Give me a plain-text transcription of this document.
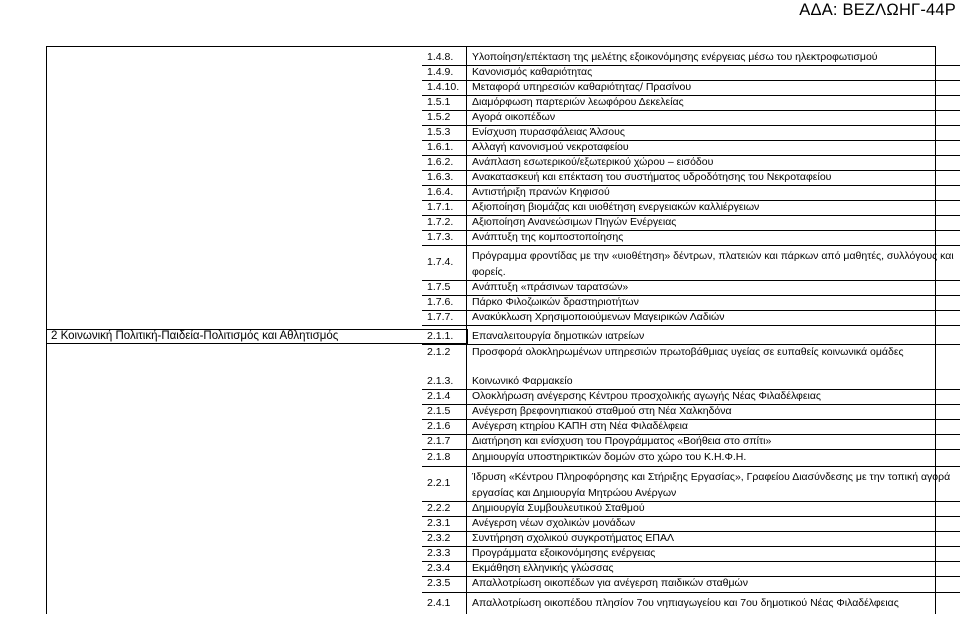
ΑΔΑ: ΒΕΖΛΩΗΓ-44Ρ
2 Κοινωνική Πολιτική-Παιδεία-Πολιτισμός και Αθλητισμός
1.4.8. Υλοποίηση/επέκταση της μελέτης εξοικονόμησης ενέργειας μέσω του ηλεκτροφωτισμού
1.4.9. Κανονισμός καθαριότητας
1.4.10. Μεταφορά υπηρεσιών καθαριότητας/ Πρασίνου
1.5.1 Διαμόρφωση παρτεριών λεωφόρου Δεκελείας
1.5.2 Αγορά οικοπέδων
1.5.3 Ενίσχυση πυρασφάλειας Άλσους
1.6.1. Αλλαγή κανονισμού νεκροταφείου
1.6.2. Ανάπλαση εσωτερικού/εξωτερικού χώρου – εισόδου
1.6.3. Ανακατασκευή και επέκταση του συστήματος υδροδότησης του Νεκροταφείου
1.6.4. Αντιστήριξη πρανών Κηφισού
1.7.1. Αξιοποίηση βιομάζας και υιοθέτηση ενεργειακών καλλιέργειων
1.7.2. Αξιοποίηση Ανανεώσιμων Πηγών Ενέργειας
1.7.3. Ανάπτυξη της κομποστοποίησης
1.7.4. Πρόγραμμα φροντίδας με την «υιοθέτηση» δέντρων, πλατειών και πάρκων από μαθητές, συλλόγους και φορείς.
1.7.5 Ανάπτυξη «πράσινων ταρατσών»
1.7.6. Πάρκο Φιλοζωικών δραστηριοτήτων
1.7.7. Ανακύκλωση Χρησιμοποιούμενων Μαγειρικών Λαδιών
2.1.1. Επαναλειτουργία δημοτικών ιατρείων
2.1.2 Προσφορά ολοκληρωμένων υπηρεσιών πρωτοβάθμιας υγείας σε ευπαθείς κοινωνικά ομάδες
2.1.3. Κοινωνικό Φαρμακείο
2.1.4 Ολοκλήρωση ανέγερσης Κέντρου προσχολικής αγωγής Νέας Φιλαδέλφειας
2.1.5 Ανέγερση βρεφονηπιακού σταθμού στη Νέα Χαλκηδόνα
2.1.6 Ανέγερση κτηρίου ΚΑΠΗ στη Νέα Φιλαδέλφεια
2.1.7 Διατήρηση και ενίσχυση του Προγράμματος «Βοήθεια στο σπίτι»
2.1.8 Δημιουργία υποστηρικτικών δομών στο χώρο του Κ.Η.Φ.Η.
2.2.1 Ίδρυση «Κέντρου Πληροφόρησης και Στήριξης Εργασίας», Γραφείου Διασύνδεσης με την τοπική αγορά εργασίας και Δημιουργία Μητρώου Ανέργων
2.2.2 Δημιουργία Συμβουλευτικού Σταθμού
2.3.1 Ανέγερση νέων σχολικών μονάδων
2.3.2 Συντήρηση σχολικού συγκροτήματος ΕΠΑΛ
2.3.3 Προγράμματα εξοικονόμησης ενέργειας
2.3.4 Εκμάθηση ελληνικής γλώσσας
2.3.5 Απαλλοτρίωση οικοπέδων για ανέγερση παιδικών σταθμών
2.4.1 Απαλλοτρίωση οικοπέδου πλησίον 7ου νηπιαγωγείου και 7ου δημοτικού Νέας Φιλαδέλφειας
